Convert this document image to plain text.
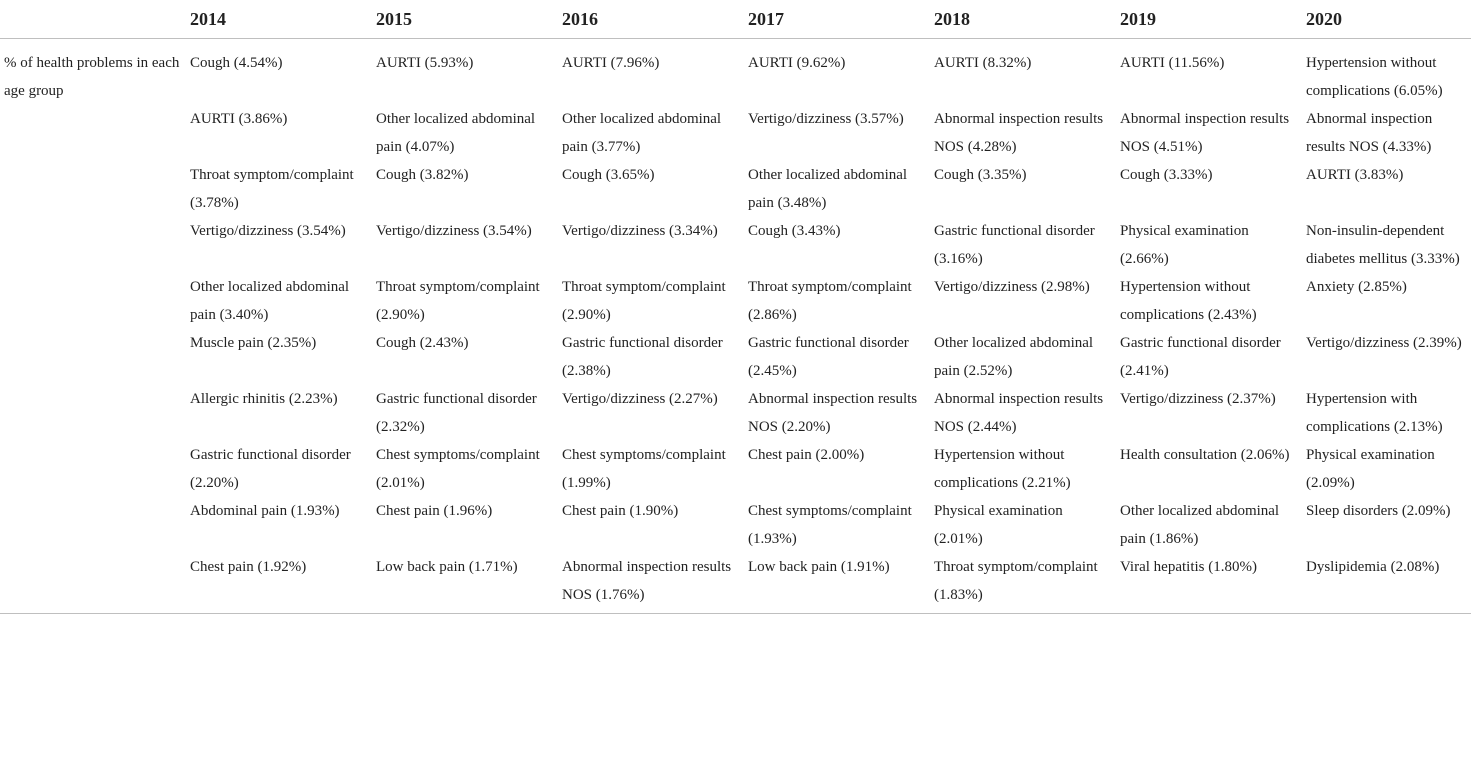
	2014	2015	2016	2017	2018	2019	2020
% of health problems in each age group	Cough (4.54%)	AURTI (5.93%)	AURTI (7.96%)	AURTI (9.62%)	AURTI (8.32%)	AURTI (11.56%)	Hypertension without complications (6.05%)
	AURTI (3.86%)	Other localized abdominal pain (4.07%)	Other localized abdominal pain (3.77%)	Vertigo/dizziness (3.57%)	Abnormal inspection results NOS (4.28%)	Abnormal inspection results NOS (4.51%)	Abnormal inspection results NOS (4.33%)
	Throat symptom/complaint (3.78%)	Cough (3.82%)	Cough (3.65%)	Other localized abdominal pain (3.48%)	Cough (3.35%)	Cough (3.33%)	AURTI (3.83%)
	Vertigo/dizziness (3.54%)	Vertigo/dizziness (3.54%)	Vertigo/dizziness (3.34%)	Cough (3.43%)	Gastric functional disorder (3.16%)	Physical examination (2.66%)	Non-insulin-dependent diabetes mellitus (3.33%)
	Other localized abdominal pain (3.40%)	Throat symptom/complaint (2.90%)	Throat symptom/complaint (2.90%)	Throat symptom/complaint (2.86%)	Vertigo/dizziness (2.98%)	Hypertension without complications (2.43%)	Anxiety (2.85%)
	Muscle pain (2.35%)	Cough (2.43%)	Gastric functional disorder (2.38%)	Gastric functional disorder (2.45%)	Other localized abdominal pain (2.52%)	Gastric functional disorder (2.41%)	Vertigo/dizziness (2.39%)
	Allergic rhinitis (2.23%)	Gastric functional disorder (2.32%)	Vertigo/dizziness (2.27%)	Abnormal inspection results NOS (2.20%)	Abnormal inspection results NOS (2.44%)	Vertigo/dizziness (2.37%)	Hypertension with complications (2.13%)
	Gastric functional disorder (2.20%)	Chest symptoms/complaint (2.01%)	Chest symptoms/complaint (1.99%)	Chest pain (2.00%)	Hypertension without complications (2.21%)	Health consultation (2.06%)	Physical examination (2.09%)
	Abdominal pain (1.93%)	Chest pain (1.96%)	Chest pain (1.90%)	Chest symptoms/complaint (1.93%)	Physical examination (2.01%)	Other localized abdominal pain (1.86%)	Sleep disorders (2.09%)
	Chest pain (1.92%)	Low back pain (1.71%)	Abnormal inspection results NOS (1.76%)	Low back pain (1.91%)	Throat symptom/complaint (1.83%)	Viral hepatitis (1.80%)	Dyslipidemia (2.08%)
